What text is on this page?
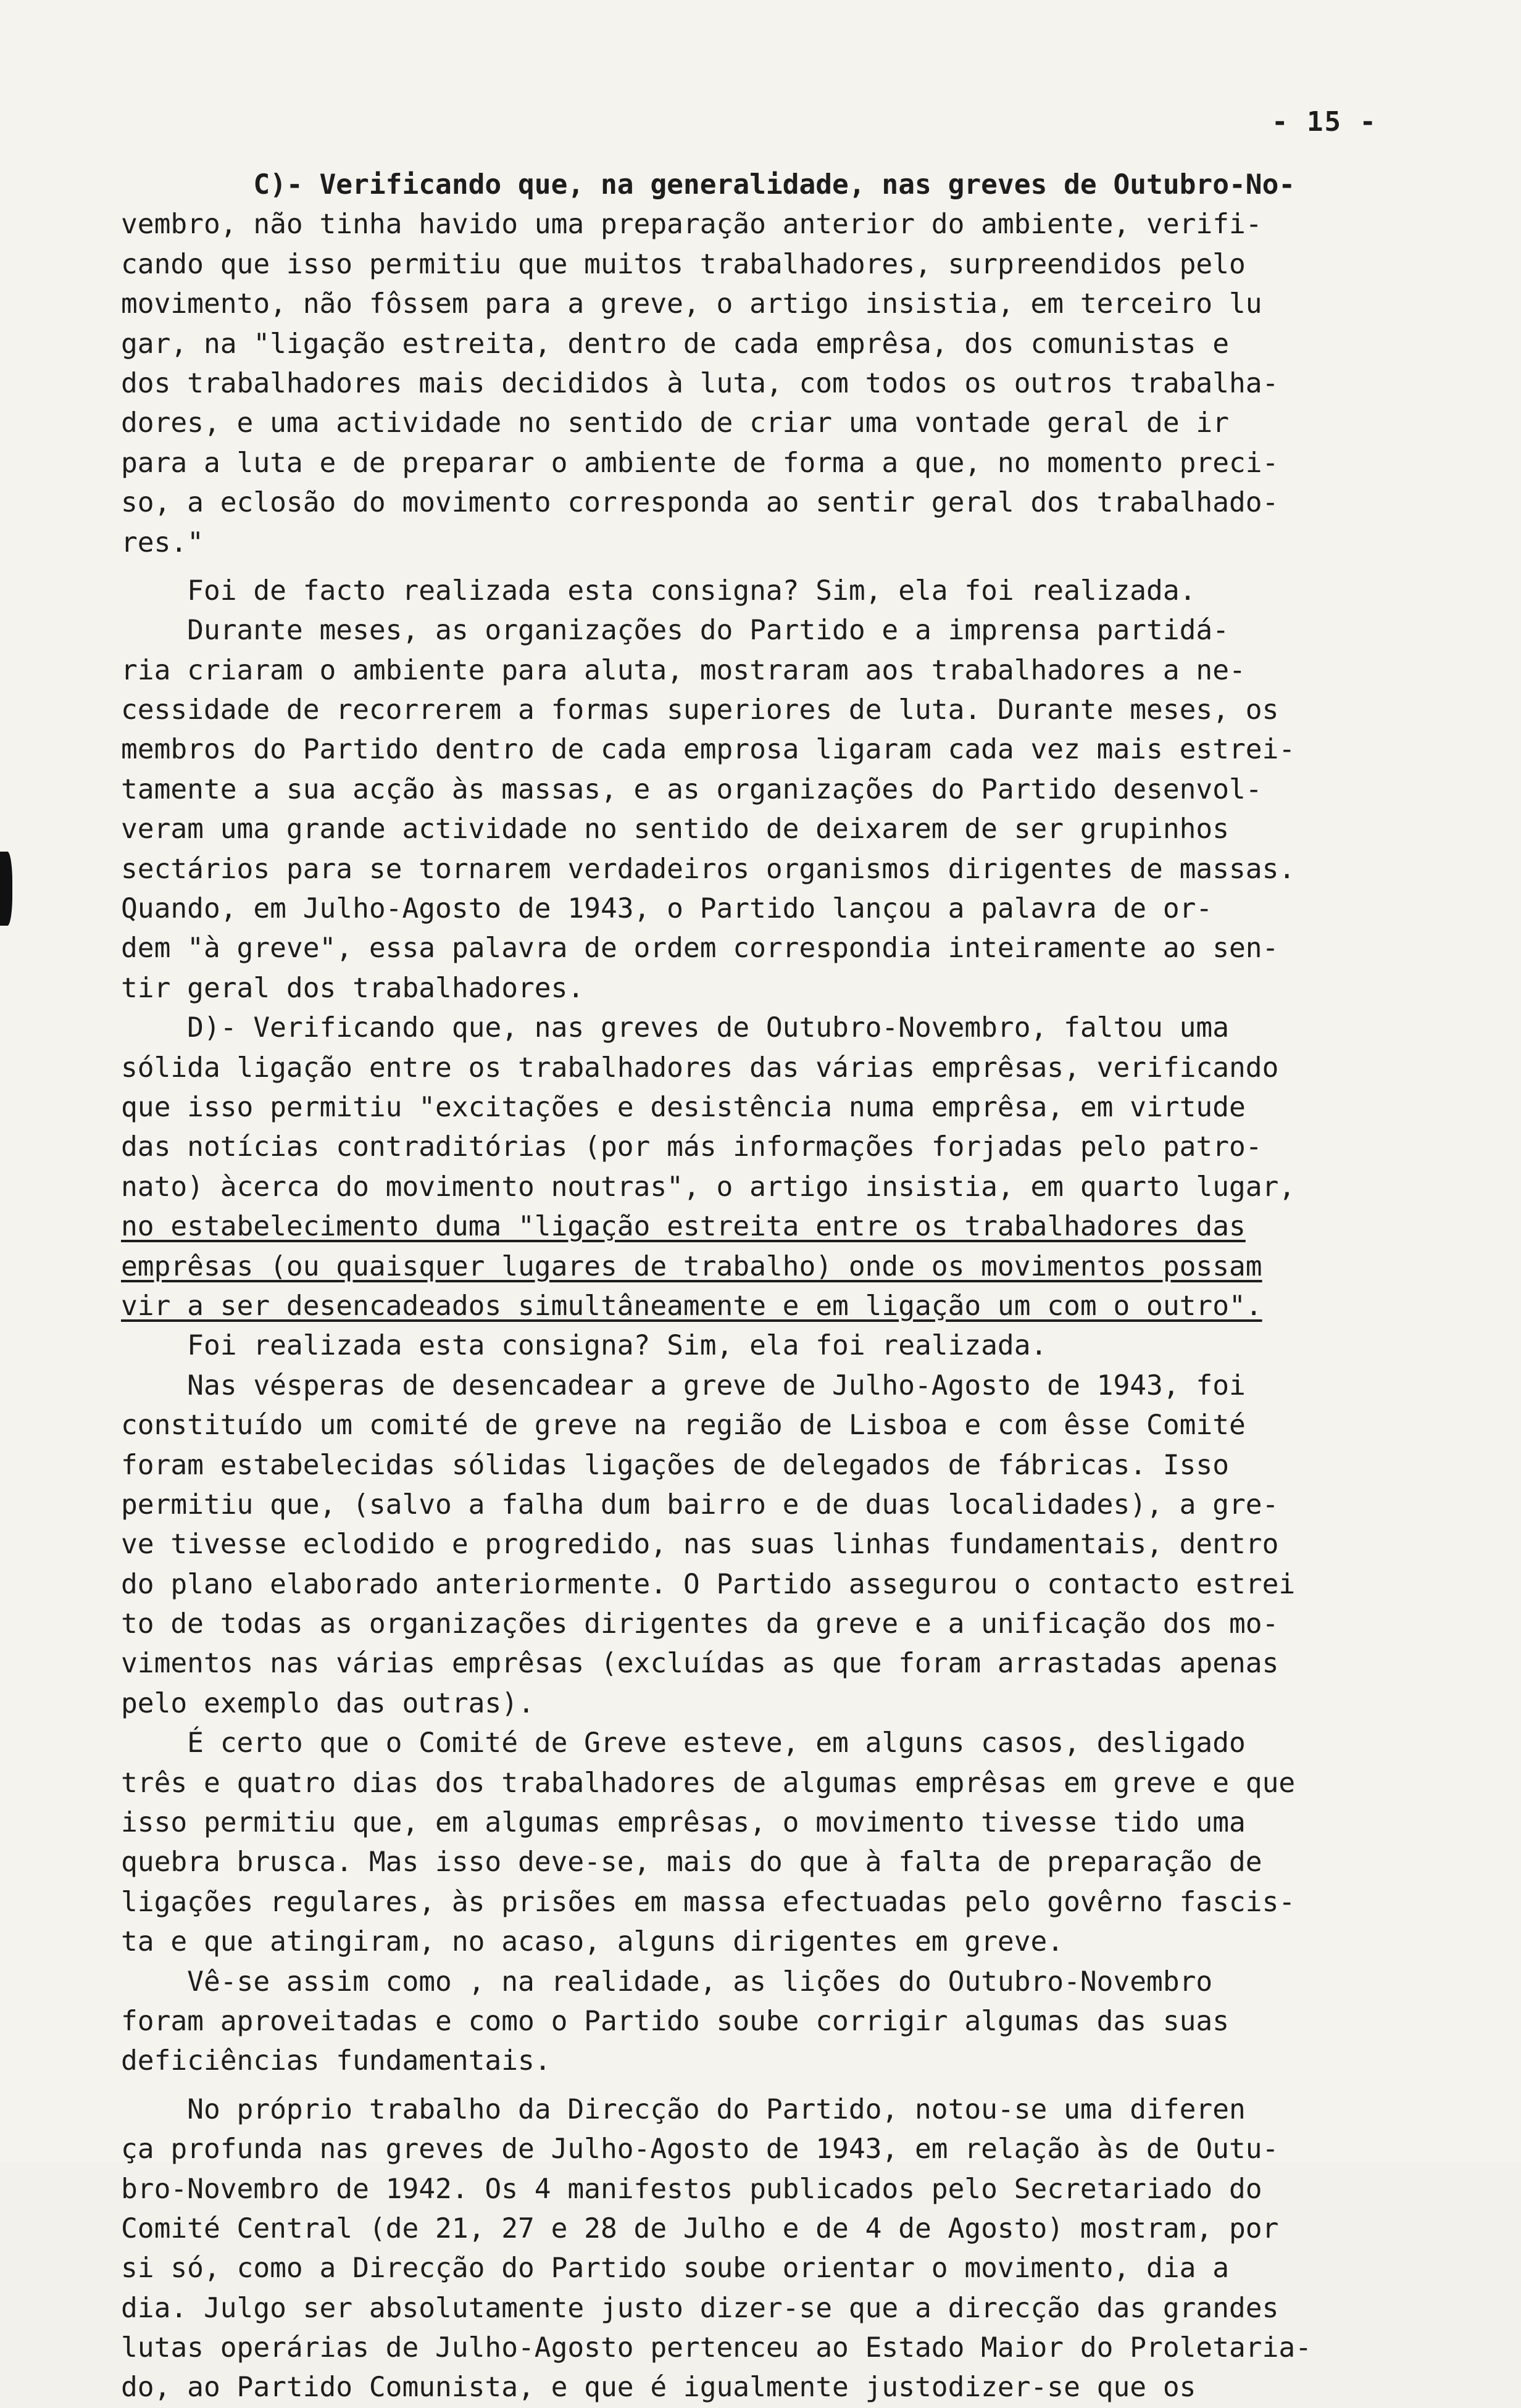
- 15 -
C)- Verificando que, na generalidade, nas greves de Outubro-No-
vembro, não tinha havido uma preparação anterior do ambiente, verifi-
cando que isso permitiu que muitos trabalhadores, surpreendidos pelo
movimento, não fôssem para a greve, o artigo insistia, em terceiro lu
gar, na "ligação estreita, dentro de cada emprêsa, dos comunistas e
dos trabalhadores mais decididos à luta, com todos os outros trabalha-
dores, e uma actividade no sentido de criar uma vontade geral de ir
para a luta e de preparar o ambiente de forma a que, no momento preci-
so, a eclosão do movimento corresponda ao sentir geral dos trabalhado-
res."
Foi de facto realizada esta consigna? Sim, ela foi realizada.
Durante meses, as organizações do Partido e a imprensa partidá-
ria criaram o ambiente para aluta, mostraram aos trabalhadores a ne-
cessidade de recorrerem a formas superiores de luta. Durante meses, os
membros do Partido dentro de cada emprosa ligaram cada vez mais estrei-
tamente a sua acção às massas, e as organizações do Partido desenvol-
veram uma grande actividade no sentido de deixarem de ser grupinhos
sectários para se tornarem verdadeiros organismos dirigentes de massas.
Quando, em Julho-Agosto de 1943, o Partido lançou a palavra de or-
dem "à greve", essa palavra de ordem correspondia inteiramente ao sen-
tir geral dos trabalhadores.
D)- Verificando que, nas greves de Outubro-Novembro, faltou uma
sólida ligação entre os trabalhadores das várias emprêsas, verificando
que isso permitiu "excitações e desistência numa emprêsa, em virtude
das notícias contraditórias (por más informações forjadas pelo patro-
nato) àcerca do movimento noutras", o artigo insistia, em quarto lugar,
no estabelecimento duma "ligação estreita entre os trabalhadores das
emprêsas (ou quaisquer lugares de trabalho) onde os movimentos possam
vir a ser desencadeados simultâneamente e em ligação um com o outro".
Foi realizada esta consigna? Sim, ela foi realizada.
Nas vésperas de desencadear a greve de Julho-Agosto de 1943, foi
constituído um comité de greve na região de Lisboa e com êsse Comité
foram estabelecidas sólidas ligações de delegados de fábricas. Isso
permitiu que, (salvo a falha dum bairro e de duas localidades), a gre-
ve tivesse eclodido e progredido, nas suas linhas fundamentais, dentro
do plano elaborado anteriormente. O Partido assegurou o contacto estrei
to de todas as organizações dirigentes da greve e a unificação dos mo-
vimentos nas várias emprêsas (excluídas as que foram arrastadas apenas
pelo exemplo das outras).
É certo que o Comité de Greve esteve, em alguns casos, desligado
três e quatro dias dos trabalhadores de algumas emprêsas em greve e que
isso permitiu que, em algumas emprêsas, o movimento tivesse tido uma
quebra brusca. Mas isso deve-se, mais do que à falta de preparação de
ligações regulares, às prisões em massa efectuadas pelo govêrno fascis-
ta e que atingiram, no acaso, alguns dirigentes em greve.
Vê-se assim como , na realidade, as lições do Outubro-Novembro
foram aproveitadas e como o Partido soube corrigir algumas das suas
deficiências fundamentais.
No próprio trabalho da Direcção do Partido, notou-se uma diferen
ça profunda nas greves de Julho-Agosto de 1943, em relação às de Outu-
bro-Novembro de 1942. Os 4 manifestos publicados pelo Secretariado do
Comité Central (de 21, 27 e 28 de Julho e de 4 de Agosto) mostram, por
si só, como a Direcção do Partido soube orientar o movimento, dia a
dia. Julgo ser absolutamente justo dizer-se que a direcção das grandes
lutas operárias de Julho-Agosto pertenceu ao Estado Maior do Proletaria-
do, ao Partido Comunista, e que é igualmente justodizer-se que os
